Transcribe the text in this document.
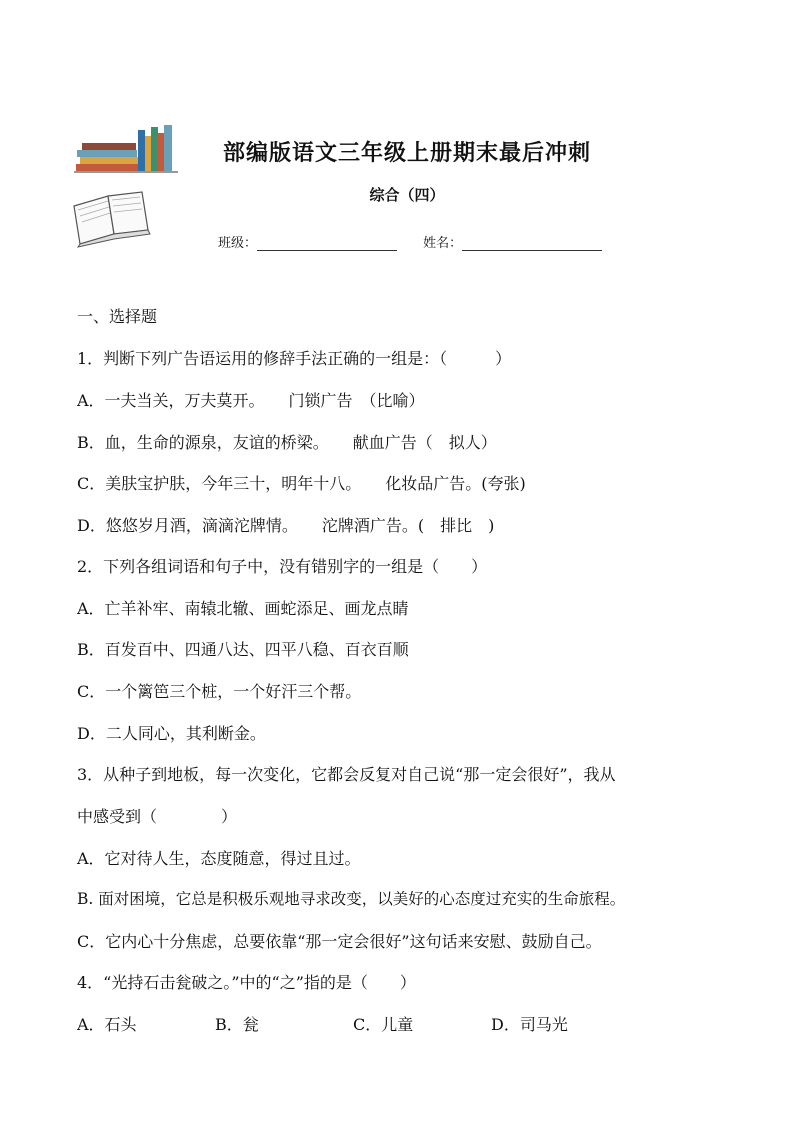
部编版语文三年级上册期末最后冲刺
综合（四）
班级：	姓名：
一、选择题
1．判断下列广告语运用的修辞手法正确的一组是：（　　　）
A．一夫当关，万夫莫开。　　门锁广告　（比喻）
B．血，生命的源泉，友谊的桥梁。　　献血广告（　拟人）
C．美肤宝护肤，今年三十，明年十八。　　化妆品广告。(夸张)
D．悠悠岁月酒，滴滴沱牌情。　　沱牌酒广告。(　排比　)
2．下列各组词语和句子中，没有错别字的一组是（　　）
A．亡羊补牢、南辕北辙、画蛇添足、画龙点睛
B．百发百中、四通八达、四平八稳、百衣百顺
C．一个篱笆三个桩，一个好汗三个帮。
D．二人同心，其利断金。
3．从种子到地板，每一次变化，它都会反复对自己说“那一定会很好”，我从
中感受到（　　　　）
A．它对待人生，态度随意，得过且过。
B. 面对困境，它总是积极乐观地寻求改变，以美好的心态度过充实的生命旅程。
C．它内心十分焦虑，总要依靠“那一定会很好”这句话来安慰、鼓励自己。
4．“光持石击瓮破之。”中的“之”指的是（　　）
A．石头	B．瓮	C．儿童	D．司马光
